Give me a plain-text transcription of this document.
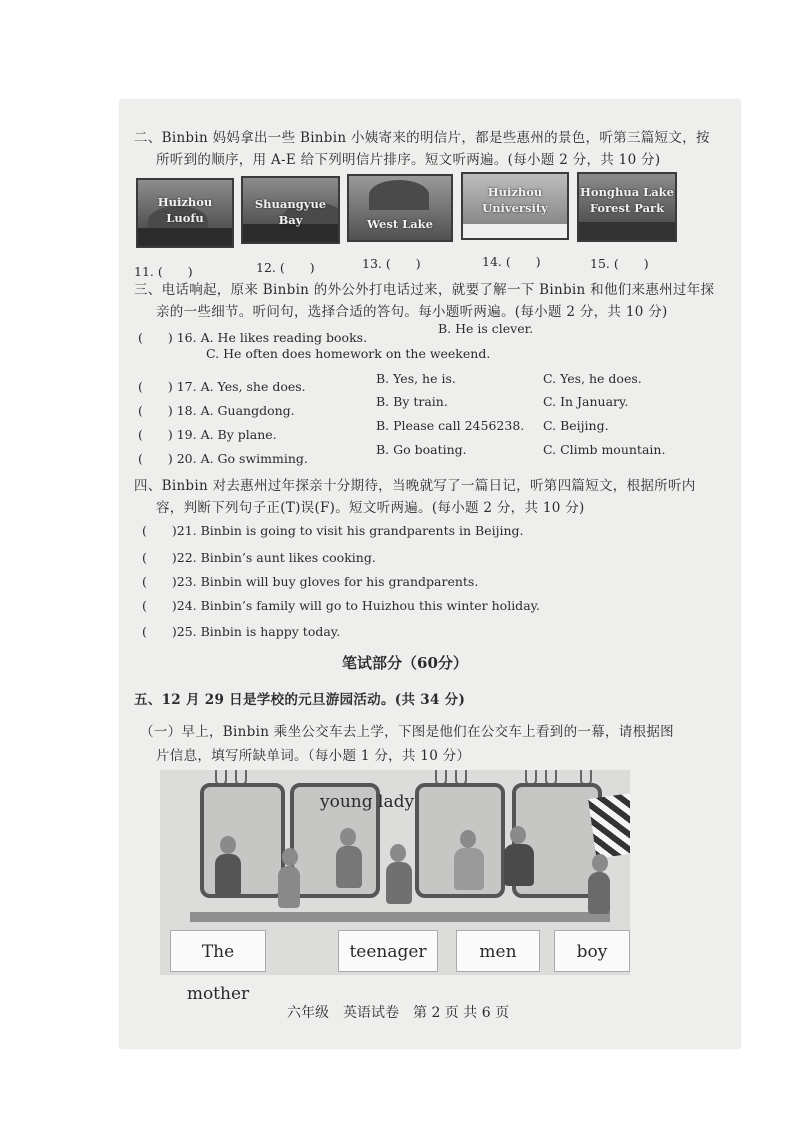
二、Binbin 妈妈拿出一些 Binbin 小姨寄来的明信片，都是些惠州的景色，听第三篇短文，按
所听到的顺序，用 A-E 给下列明信片排序。短文听两遍。(每小题 2 分，共 10 分)
Huizhou
Luofu
Shuangyue Bay	West Lake
Huizhou
University
Honghua Lake
Forest Park
11. (　　)	12. (　　)	13. (　　)	14. (　　)	15. (　　)
三、电话响起，原来 Binbin 的外公外打电话过来，就要了解一下 Binbin 和他们来惠州过年探
亲的一些细节。听问句，选择合适的答句。每小题听两遍。(每小题 2 分，共 10 分)
(　　) 16. A. He likes reading books.
B. He is clever.
C. He often does homework on the weekend.
(　　) 17. A. Yes, she does.
B. Yes, he is.	C. Yes, he does.
(　　) 18. A. Guangdong.
B. By train.	C. In January.
(　　) 19. A. By plane.
B. Please call 2456238. C. Beijing.
(　　) 20. A. Go swimming.
B. Go boating.	C. Climb mountain.
四、Binbin 对去惠州过年探亲十分期待，当晚就写了一篇日记，听第四篇短文，根据所听内
容，判断下列句子正(T)误(F)。短文听两遍。(每小题 2 分，共 10 分)
(　　)21. Binbin is going to visit his grandparents in Beijing.
(　　)22. Binbin’s aunt likes cooking.
(　　)23. Binbin will buy gloves for his grandparents.
(　　)24. Binbin’s family will go to Huizhou this winter holiday.
(　　)25. Binbin is happy today.
笔试部分（60分）
五、12 月 29 日是学校的元旦游园活动。(共 34 分)
（一）早上，Binbin 乘坐公交车去上学，下图是他们在公交车上看到的一幕，请根据图
片信息，填写所缺单词。（每小题 1 分，共 10 分）
young lady
The mother
teenager	men	boy
六年级　英语试卷　第 2 页 共 6 页
